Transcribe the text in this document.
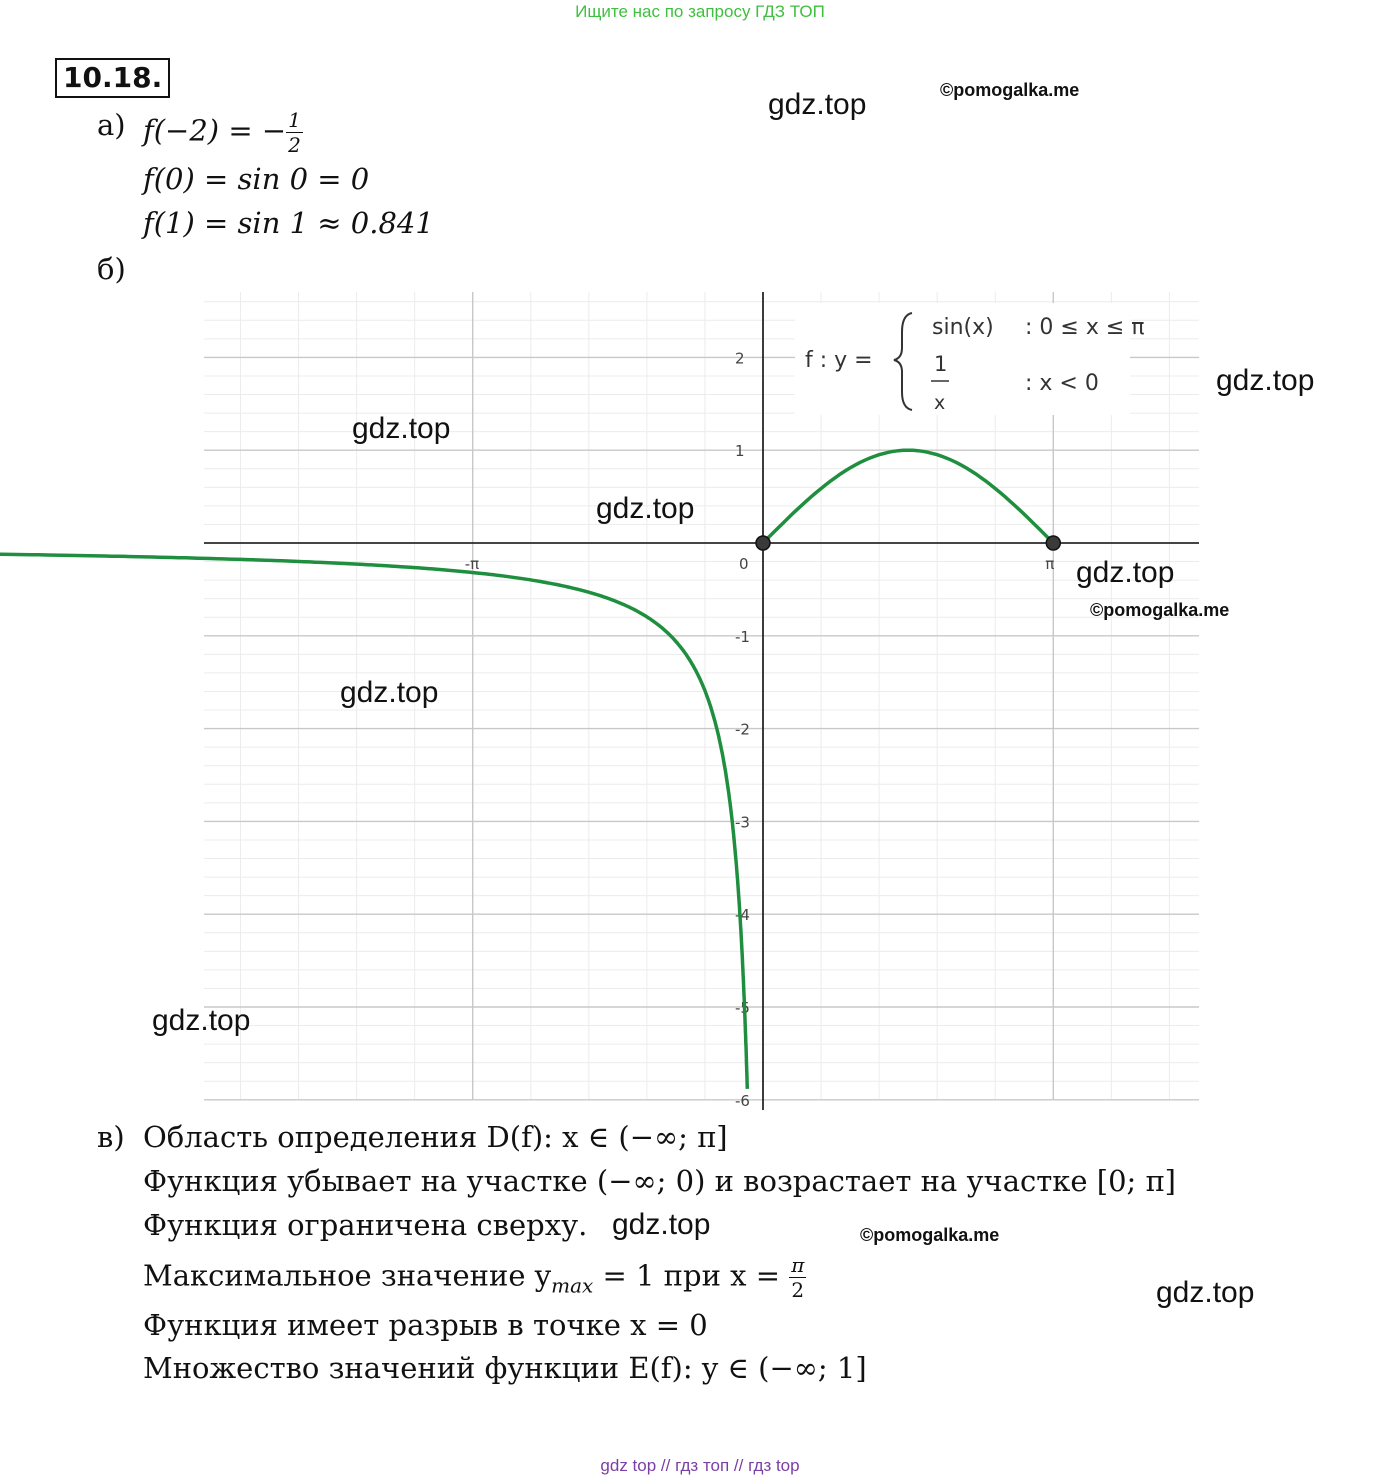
Ищите нас по запросу ГДЗ ТОП
10.18.
а) f(−2) = − $\frac{1}{2}$
f(0) = sin 0 = 0
f(1) = sin 1 ≈ 0.841
б)
-π	0	π
2
1
-1
-2
-3
-4
-5
-6
f : y =
sin(x) : 0 ≤ x ≤ π
1
x
: x < 0
gdz.top	©pomogalka.me
gdz.top
gdz.top
gdz.top
gdz.top
©pomogalka.me
gdz.top
gdz.top
в) Область определения D(f): x ∈ (−∞; π]
Функция убывает на участке (−∞; 0) и возрастает на участке [0; π]
Функция ограничена сверху. gdz.top	©pomogalka.me
Максимальное значение $y_{max} = 1$ при $x = \frac{\pi}{2}$	gdz.top
Функция имеет разрыв в точке x = 0
Множество значений функции E(f): y ∈ (−∞; 1]
gdz top // гдз топ // гдз top
